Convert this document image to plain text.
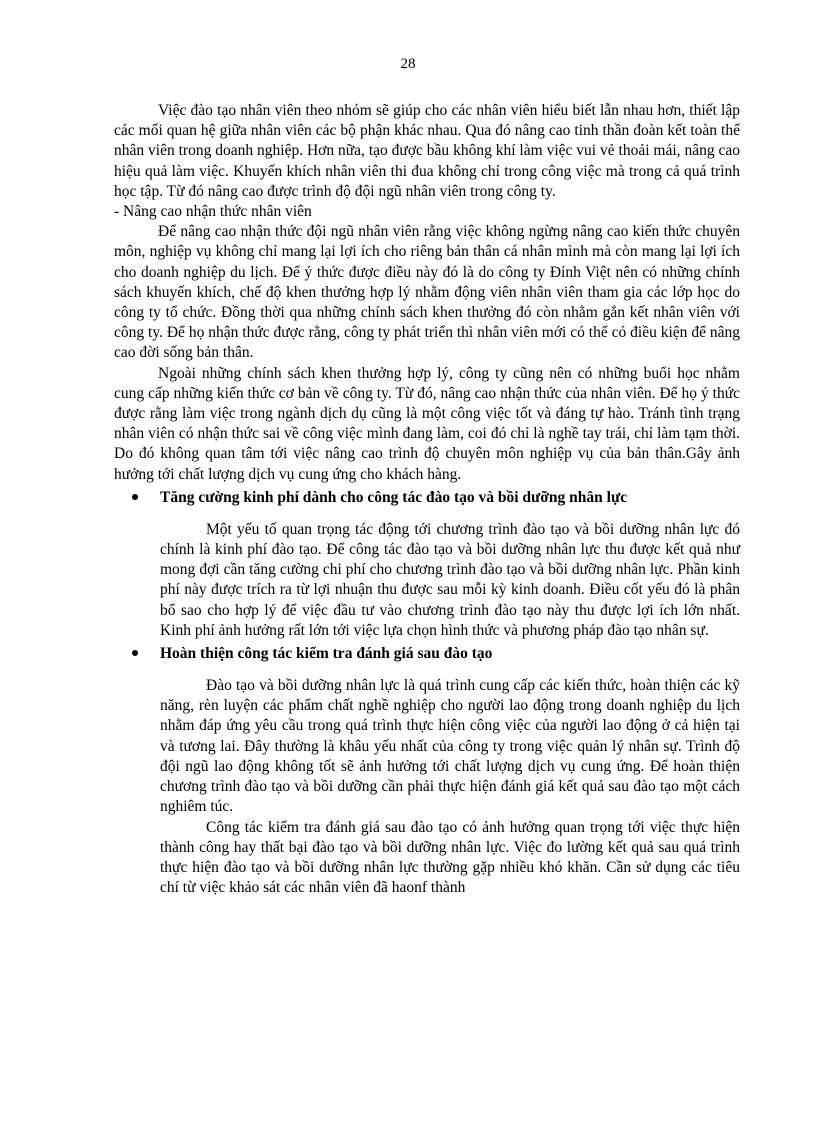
28

Việc đào tạo nhân viên theo nhóm sẽ giúp cho các nhân viên hiểu biết lẫn nhau hơn, thiết lập các mối quan hệ giữa nhân viên các bộ phận khác nhau. Qua đó nâng cao tinh thần đoàn kết toàn thể nhân viên trong doanh nghiệp. Hơn nữa, tạo được bầu không khí làm việc vui vẻ thoải mái, nâng cao hiệu quả làm việc. Khuyến khích nhân viên thi đua không chỉ trong công việc mà trong cả quá trình học tập. Từ đó nâng cao được trình độ đội ngũ nhân viên trong công ty.

- Nâng cao nhận thức nhân viên

Để nâng cao nhận thức đội ngũ nhân viên rằng việc không ngừng nâng cao kiến thức chuyên môn, nghiệp vụ không chỉ mang lại lợi ích cho riêng bản thân cá nhân mình mà còn mang lại lợi ích cho doanh nghiệp du lịch. Để ý thức được điều này đó là do công ty Đỉnh Việt nên có những chính sách khuyến khích, chế độ khen thưởng hợp lý nhằm động viên nhân viên tham gia các lớp học do công ty tổ chức. Đồng thời qua những chính sách khen thưởng đó còn nhằm gắn kết nhân viên với công ty. Để họ nhận thức được rằng, công ty phát triển thì nhân viên mới có thể có điều kiện để nâng cao đời sống bản thân.

Ngoài những chính sách khen thưởng hợp lý, công ty cũng nên có những buổi học nhằm cung cấp những kiến thức cơ bản về công ty. Từ đó, nâng cao nhận thức của nhân viên. Để họ ý thức được rằng làm việc trong ngành dịch dụ cũng là một công việc tốt và đáng tự hào. Tránh tình trạng nhân viên có nhận thức sai về công việc mình đang làm, coi đó chỉ là nghề tay trái, chỉ làm tạm thời. Do đó không quan tâm tới việc nâng cao trình độ chuyên môn nghiệp vụ của bản thân.Gây ảnh hưởng tới chất lượng dịch vụ cung ứng cho khách hàng.

Tăng cường kinh phí dành cho công tác đào tạo và bồi dưỡng nhân lực

Một yếu tố quan trọng tác động tới chương trình đào tạo và bồi dưỡng nhân lực đó chính là kinh phí đào tạo. Để công tác đào tạo và bồi dưỡng nhân lực thu được kết quả như mong đợi cần tăng cường chi phí cho chương trình đào tạo và bồi dưỡng nhân lực. Phần kinh phí này được trích ra từ lợi nhuận thu được sau mỗi kỳ kinh doanh. Điều cốt yếu đó là phân bổ sao cho hợp lý để việc đầu tư vào chương trình đào tạo này thu được lợi ích lớn nhất. Kinh phí ảnh hưởng rất lớn tới việc lựa chọn hình thức và phương pháp đào tạo nhân sự.

Hoàn thiện công tác kiểm tra đánh giá sau đào tạo

Đào tạo và bồi dưỡng nhân lực là quá trình cung cấp các kiến thức, hoàn thiện các kỹ năng, rèn luyện các phẩm chất nghề nghiệp cho người lao động trong doanh nghiệp du lịch nhằm đáp ứng yêu cầu trong quá trình thực hiện công việc của người lao động ở cả hiện tại và tương lai. Đây thường là khâu yếu nhất của công ty trong việc quản lý nhân sự. Trình độ đội ngũ lao động không tốt sẽ ảnh hưởng tới chất lượng dịch vụ cung ứng. Để hoàn thiện chương trình đào tạo và bồi dưỡng cần phải thực hiện đánh giá kết quả sau đào tạo một cách nghiêm túc.

Công tác kiểm tra đánh giá sau đào tạo có ảnh hưởng quan trọng tới việc thực hiện thành công hay thất bại đào tạo và bồi dưỡng nhân lực. Việc đo lường kết quả sau quá trình thực hiện đào tạo và bồi dưỡng nhân lực thường gặp nhiều khó khăn. Cần sử dụng các tiêu chí từ việc khảo sát các nhân viên đã haonf thành
